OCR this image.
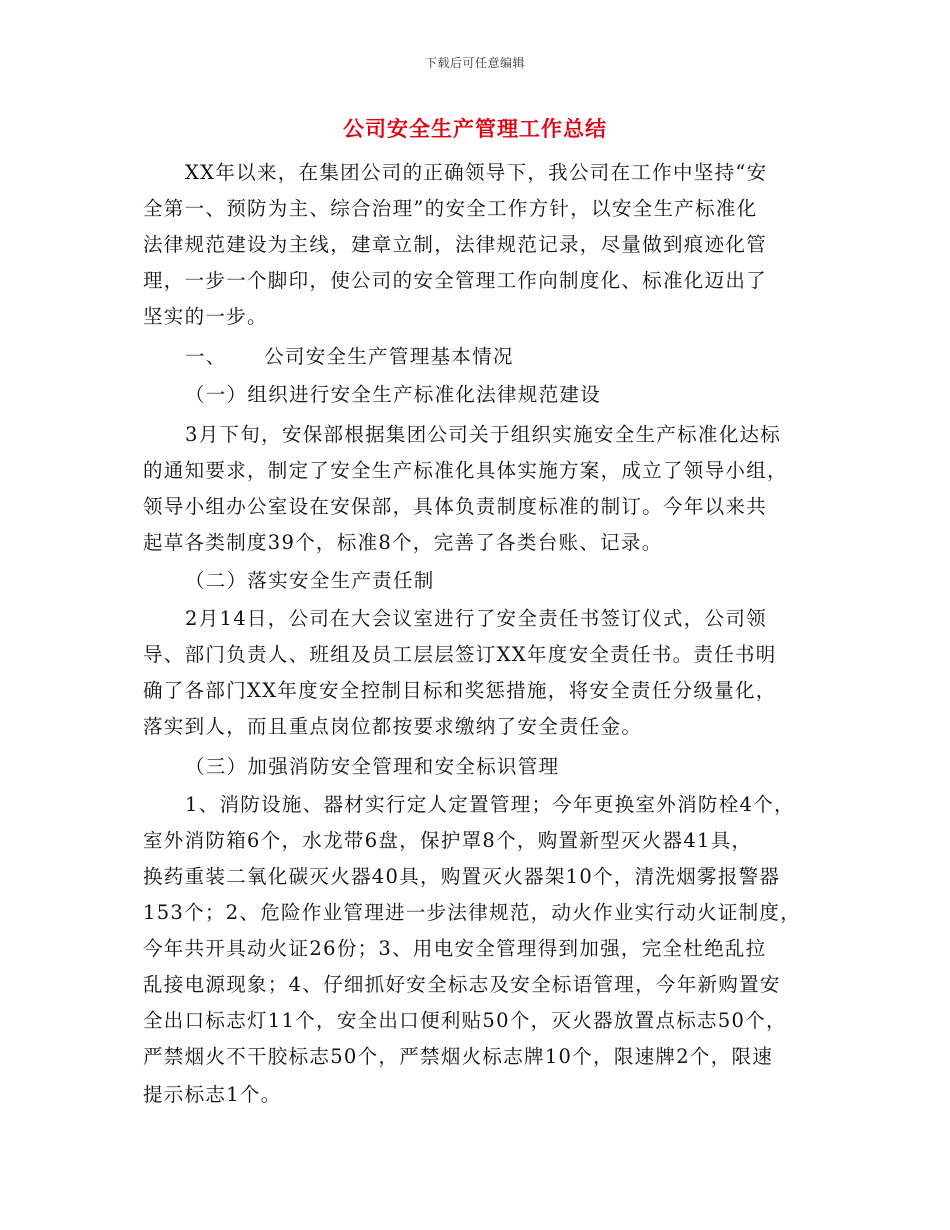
下载后可任意编辑
公司安全生产管理工作总结
XX年以来，在集团公司的正确领导下，我公司在工作中坚持“安
全第一、预防为主、综合治理”的安全工作方针，以安全生产标准化
法律规范建设为主线，建章立制，法律规范记录，尽量做到痕迹化管
理，一步一个脚印，使公司的安全管理工作向制度化、标准化迈出了
坚实的一步。
一、     公司安全生产管理基本情况
（一）组织进行安全生产标准化法律规范建设
3月下旬，安保部根据集团公司关于组织实施安全生产标准化达标
的通知要求，制定了安全生产标准化具体实施方案，成立了领导小组，
领导小组办公室设在安保部，具体负责制度标准的制订。今年以来共
起草各类制度39个，标准8个，完善了各类台账、记录。
（二）落实安全生产责任制
2月14日，公司在大会议室进行了安全责任书签订仪式，公司领
导、部门负责人、班组及员工层层签订XX年度安全责任书。责任书明
确了各部门XX年度安全控制目标和奖惩措施，将安全责任分级量化，
落实到人，而且重点岗位都按要求缴纳了安全责任金。
（三）加强消防安全管理和安全标识管理
1、消防设施、器材实行定人定置管理；今年更换室外消防栓4个，
室外消防箱6个，水龙带6盘，保护罩8个，购置新型灭火器41具，
换药重装二氧化碳灭火器40具，购置灭火器架10个，清洗烟雾报警器
153个；2、危险作业管理进一步法律规范，动火作业实行动火证制度，
今年共开具动火证26份；3、用电安全管理得到加强，完全杜绝乱拉
乱接电源现象；4、仔细抓好安全标志及安全标语管理，今年新购置安
全出口标志灯11个，安全出口便利贴50个，灭火器放置点标志50个，
严禁烟火不干胶标志50个，严禁烟火标志牌10个，限速牌2个，限速
提示标志1个。
